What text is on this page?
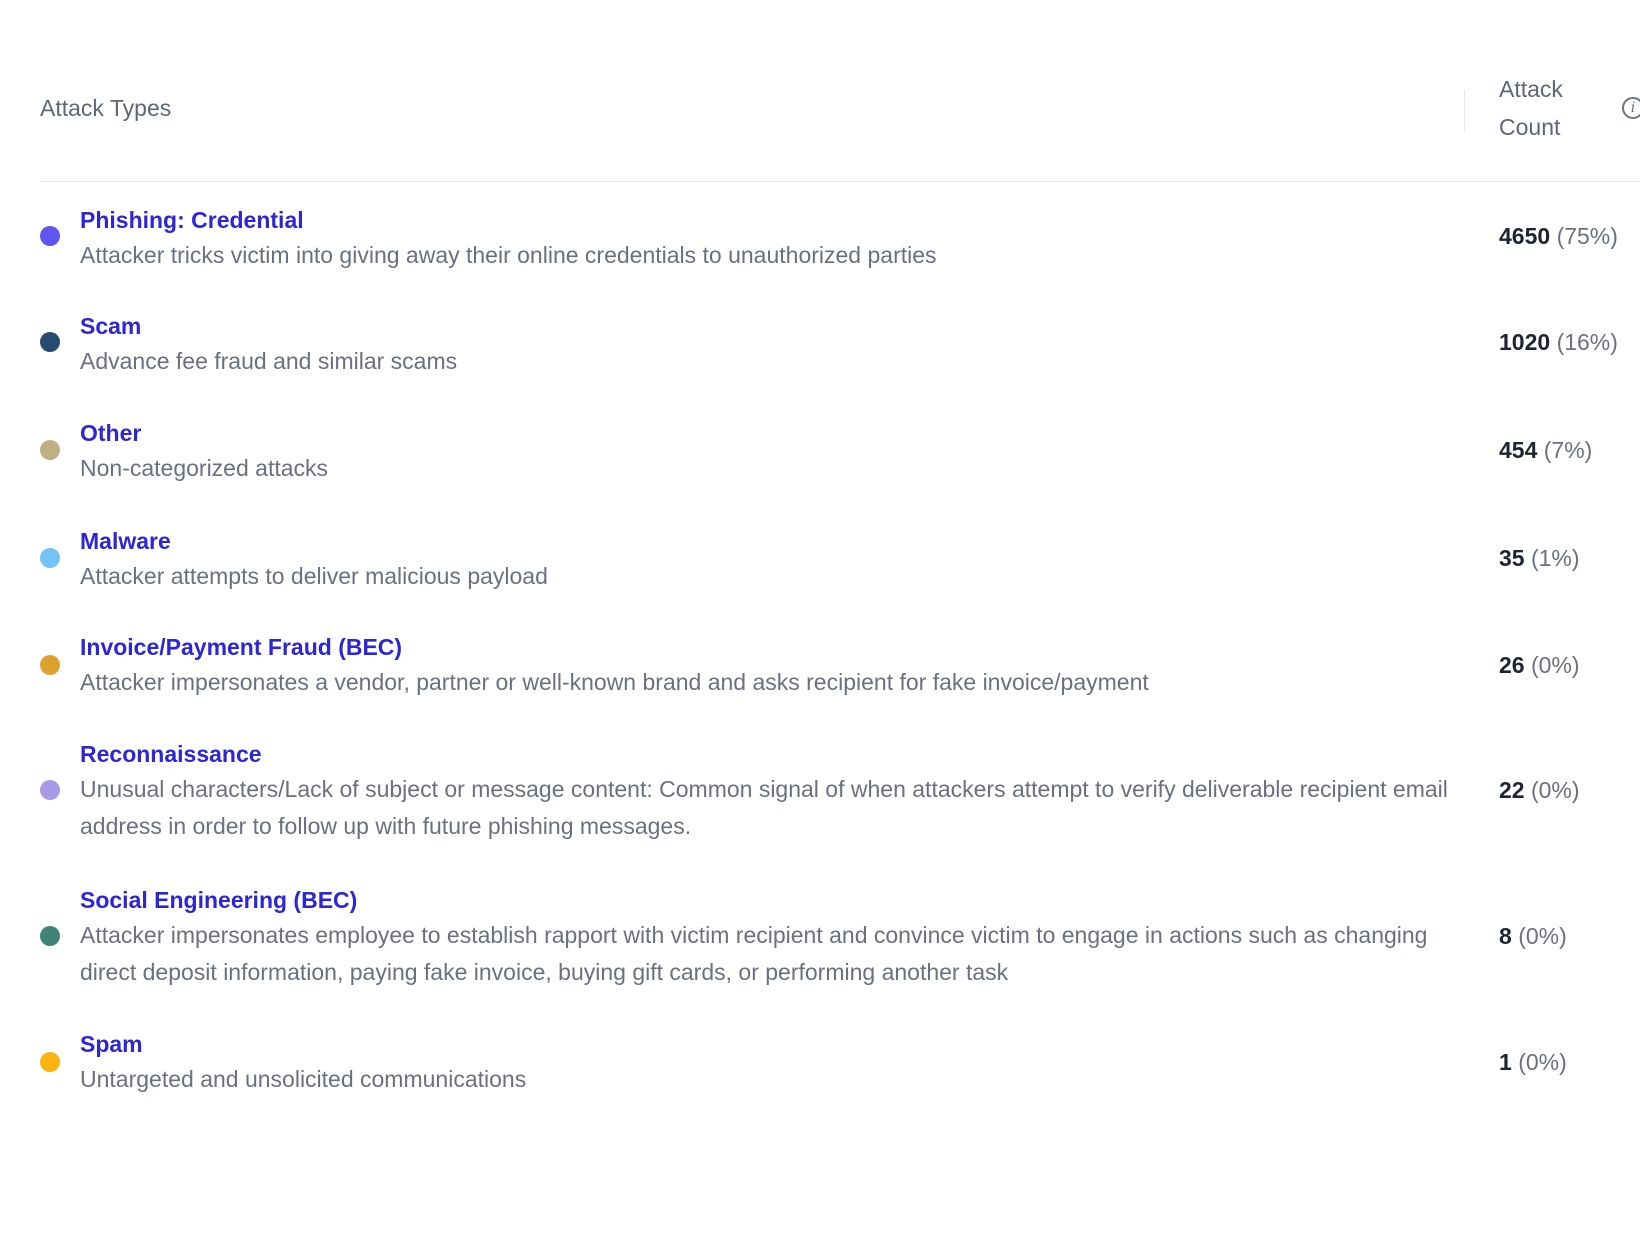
Attack Types
Attack Count
i
Phishing: Credential
Attacker tricks victim into giving away their online credentials to unauthorized parties
4650 (75%)
Scam
Advance fee fraud and similar scams
1020 (16%)
Other
Non-categorized attacks
454 (7%)
Malware
Attacker attempts to deliver malicious payload
35 (1%)
Invoice/Payment Fraud (BEC)
Attacker impersonates a vendor, partner or well-known brand and asks recipient for fake invoice/payment
26 (0%)
Reconnaissance
Unusual characters/Lack of subject or message content: Common signal of when attackers attempt to verify deliverable recipient email address in order to follow up with future phishing messages.
22 (0%)
Social Engineering (BEC)
Attacker impersonates employee to establish rapport with victim recipient and convince victim to engage in actions such as changing direct deposit information, paying fake invoice, buying gift cards, or performing another task
8 (0%)
Spam
Untargeted and unsolicited communications
1 (0%)
